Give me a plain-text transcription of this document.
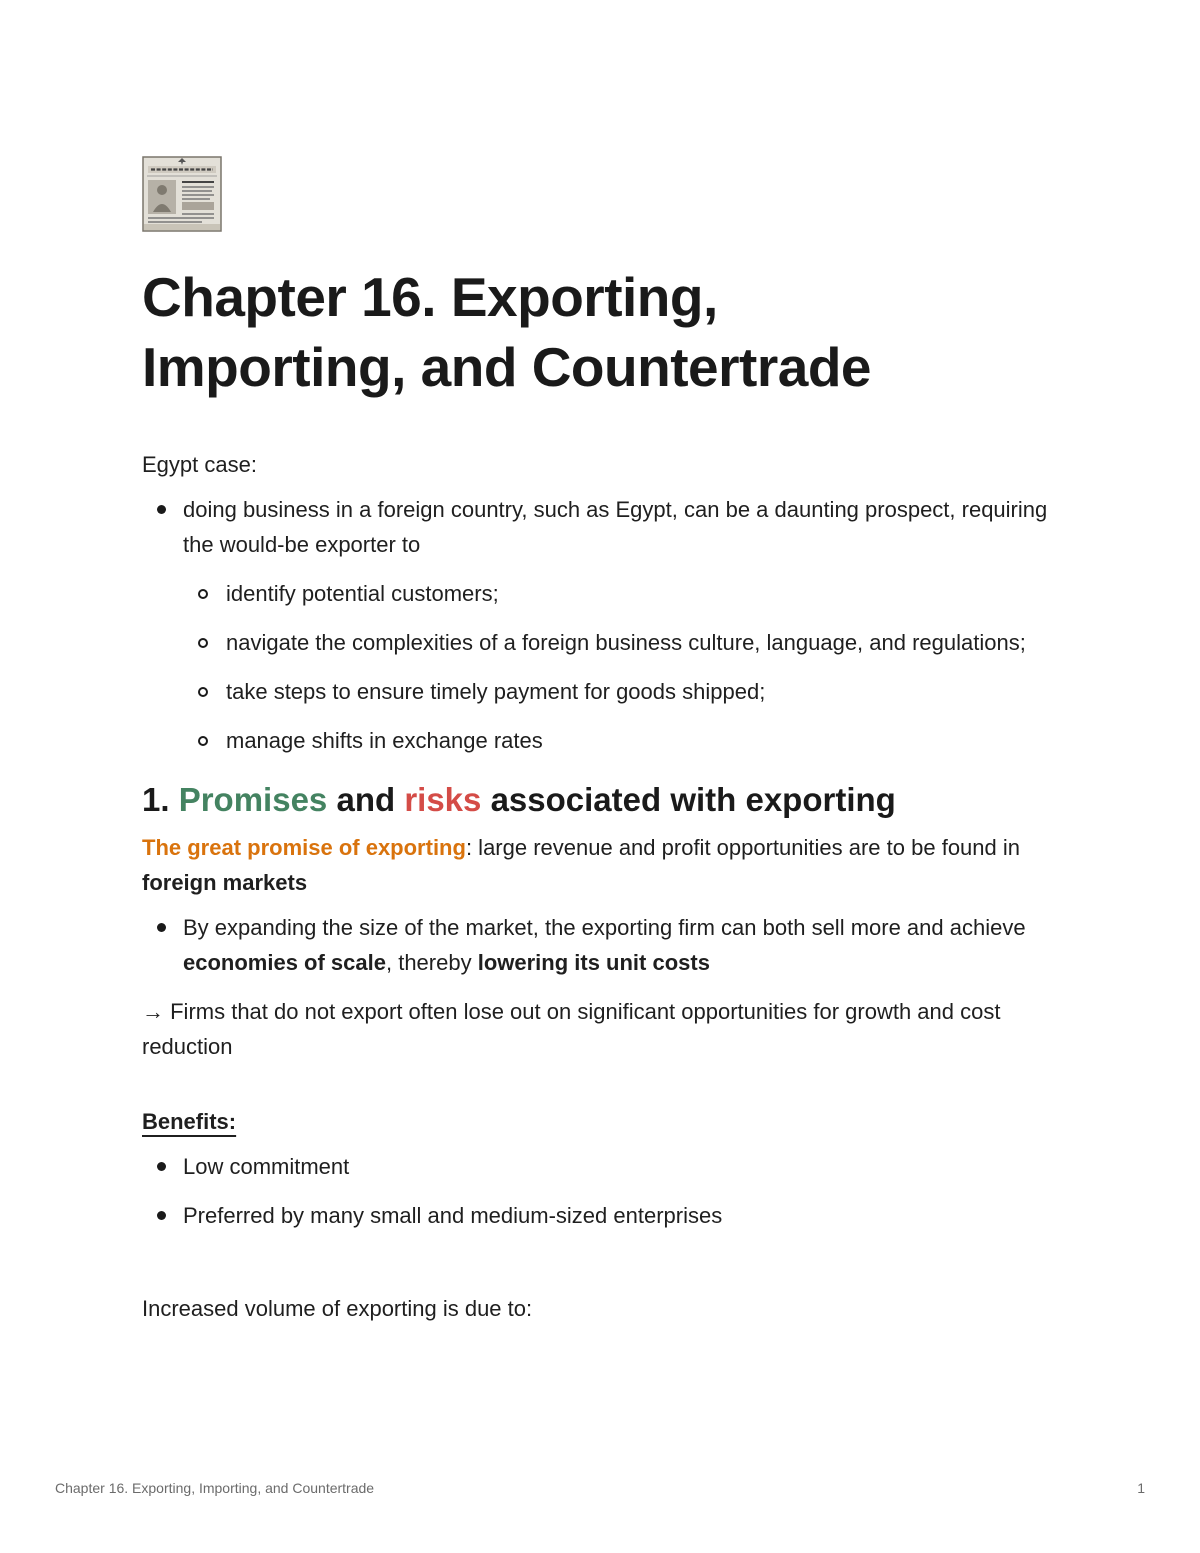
Chapter 16. Exporting,
Importing, and Countertrade

Egypt case:

doing business in a foreign country, such as Egypt, can be a daunting prospect, requiring the would-be exporter to
identify potential customers;
navigate the complexities of a foreign business culture, language, and regulations;
take steps to ensure timely payment for goods shipped;
manage shifts in exchange rates
1. Promises and risks associated with exporting

The great promise of exporting: large revenue and profit opportunities are to be found in foreign markets

By expanding the size of the market, the exporting firm can both sell more and achieve economies of scale, thereby lowering its unit costs

→ Firms that do not export often lose out on significant opportunities for growth and cost reduction

Benefits:

Low commitment
Preferred by many small and medium-sized enterprises

Increased volume of exporting is due to:

Chapter 16. Exporting, Importing, and Countertrade	1
